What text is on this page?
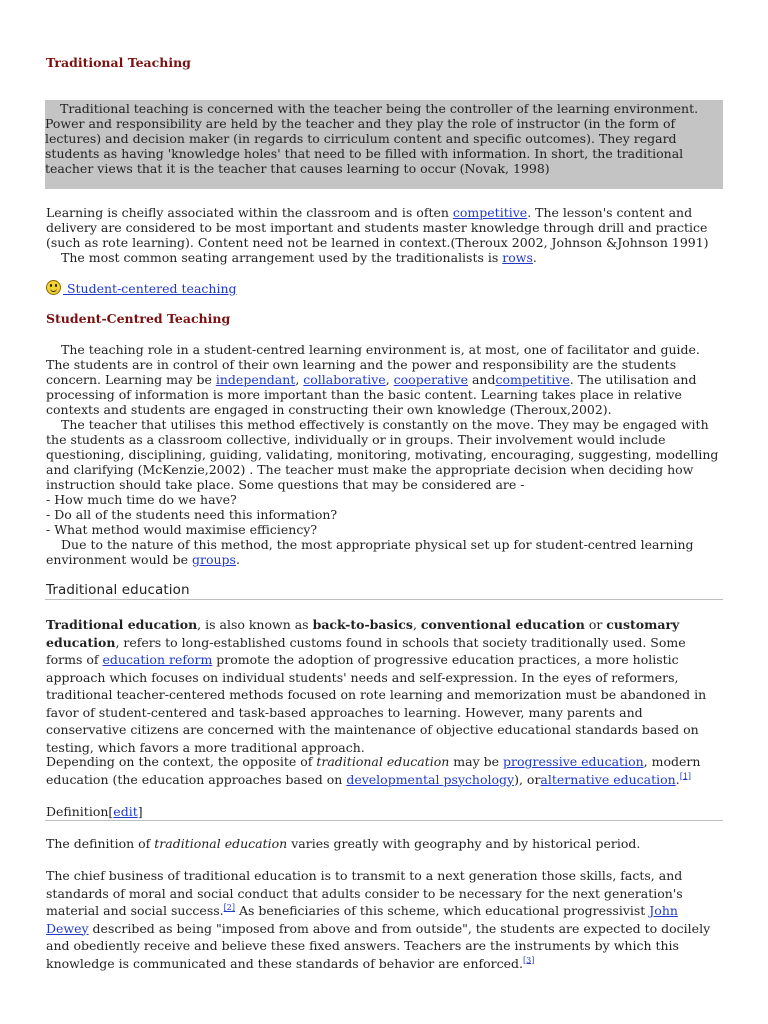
Traditional Teaching
Traditional teaching is concerned with the teacher being the controller of the learning environment. Power and responsibility are held by the teacher and they play the role of instructor (in the form of lectures) and decision maker (in regards to cirriculum content and specific outcomes). They regard students as having 'knowledge holes' that need to be filled with information. In short, the traditional teacher views that it is the teacher that causes learning to occur (Novak, 1998)
Learning is cheifly associated within the classroom and is often competitive. The lesson's content and delivery are considered to be most important and students master knowledge through drill and practice (such as rote learning). Content need not be learned in context.(Theroux 2002, Johnson &Johnson 1991)
The most common seating arrangement used by the traditionalists is rows.
Student-centered teaching
Student-Centred Teaching
The teaching role in a student-centred learning environment is, at most, one of facilitator and guide. The students are in control of their own learning and the power and responsibility are the students concern. Learning may be independant, collaborative, cooperative andcompetitive. The utilisation and processing of information is more important than the basic content. Learning takes place in relative contexts and students are engaged in constructing their own knowledge (Theroux,2002).
The teacher that utilises this method effectively is constantly on the move. They may be engaged with the students as a classroom collective, individually or in groups. Their involvement would include questioning, disciplining, guiding, validating, monitoring, motivating, encouraging, suggesting, modelling and clarifying (McKenzie,2002) . The teacher must make the appropriate decision when deciding how instruction should take place. Some questions that may be considered are -
- How much time do we have?
- Do all of the students need this information?
- What method would maximise efficiency?
Due to the nature of this method, the most appropriate physical set up for student-centred learning environment would be groups.
Traditional education
Traditional education, is also known as back-to-basics, conventional education or customary education, refers to long-established customs found in schools that society traditionally used. Some forms of education reform promote the adoption of progressive education practices, a more holistic approach which focuses on individual students' needs and self-expression. In the eyes of reformers, traditional teacher-centered methods focused on rote learning and memorization must be abandoned in favor of student-centered and task-based approaches to learning. However, many parents and conservative citizens are concerned with the maintenance of objective educational standards based on testing, which favors a more traditional approach.
Depending on the context, the opposite of traditional education may be progressive education, modern education (the education approaches based on developmental psychology), oralternative education.[1]
Definition[edit]
The definition of traditional education varies greatly with geography and by historical period.
The chief business of traditional education is to transmit to a next generation those skills, facts, and standards of moral and social conduct that adults consider to be necessary for the next generation's material and social success.[2] As beneficiaries of this scheme, which educational progressivist John Dewey described as being "imposed from above and from outside", the students are expected to docilely and obediently receive and believe these fixed answers. Teachers are the instruments by which this knowledge is communicated and these standards of behavior are enforced.[3]
